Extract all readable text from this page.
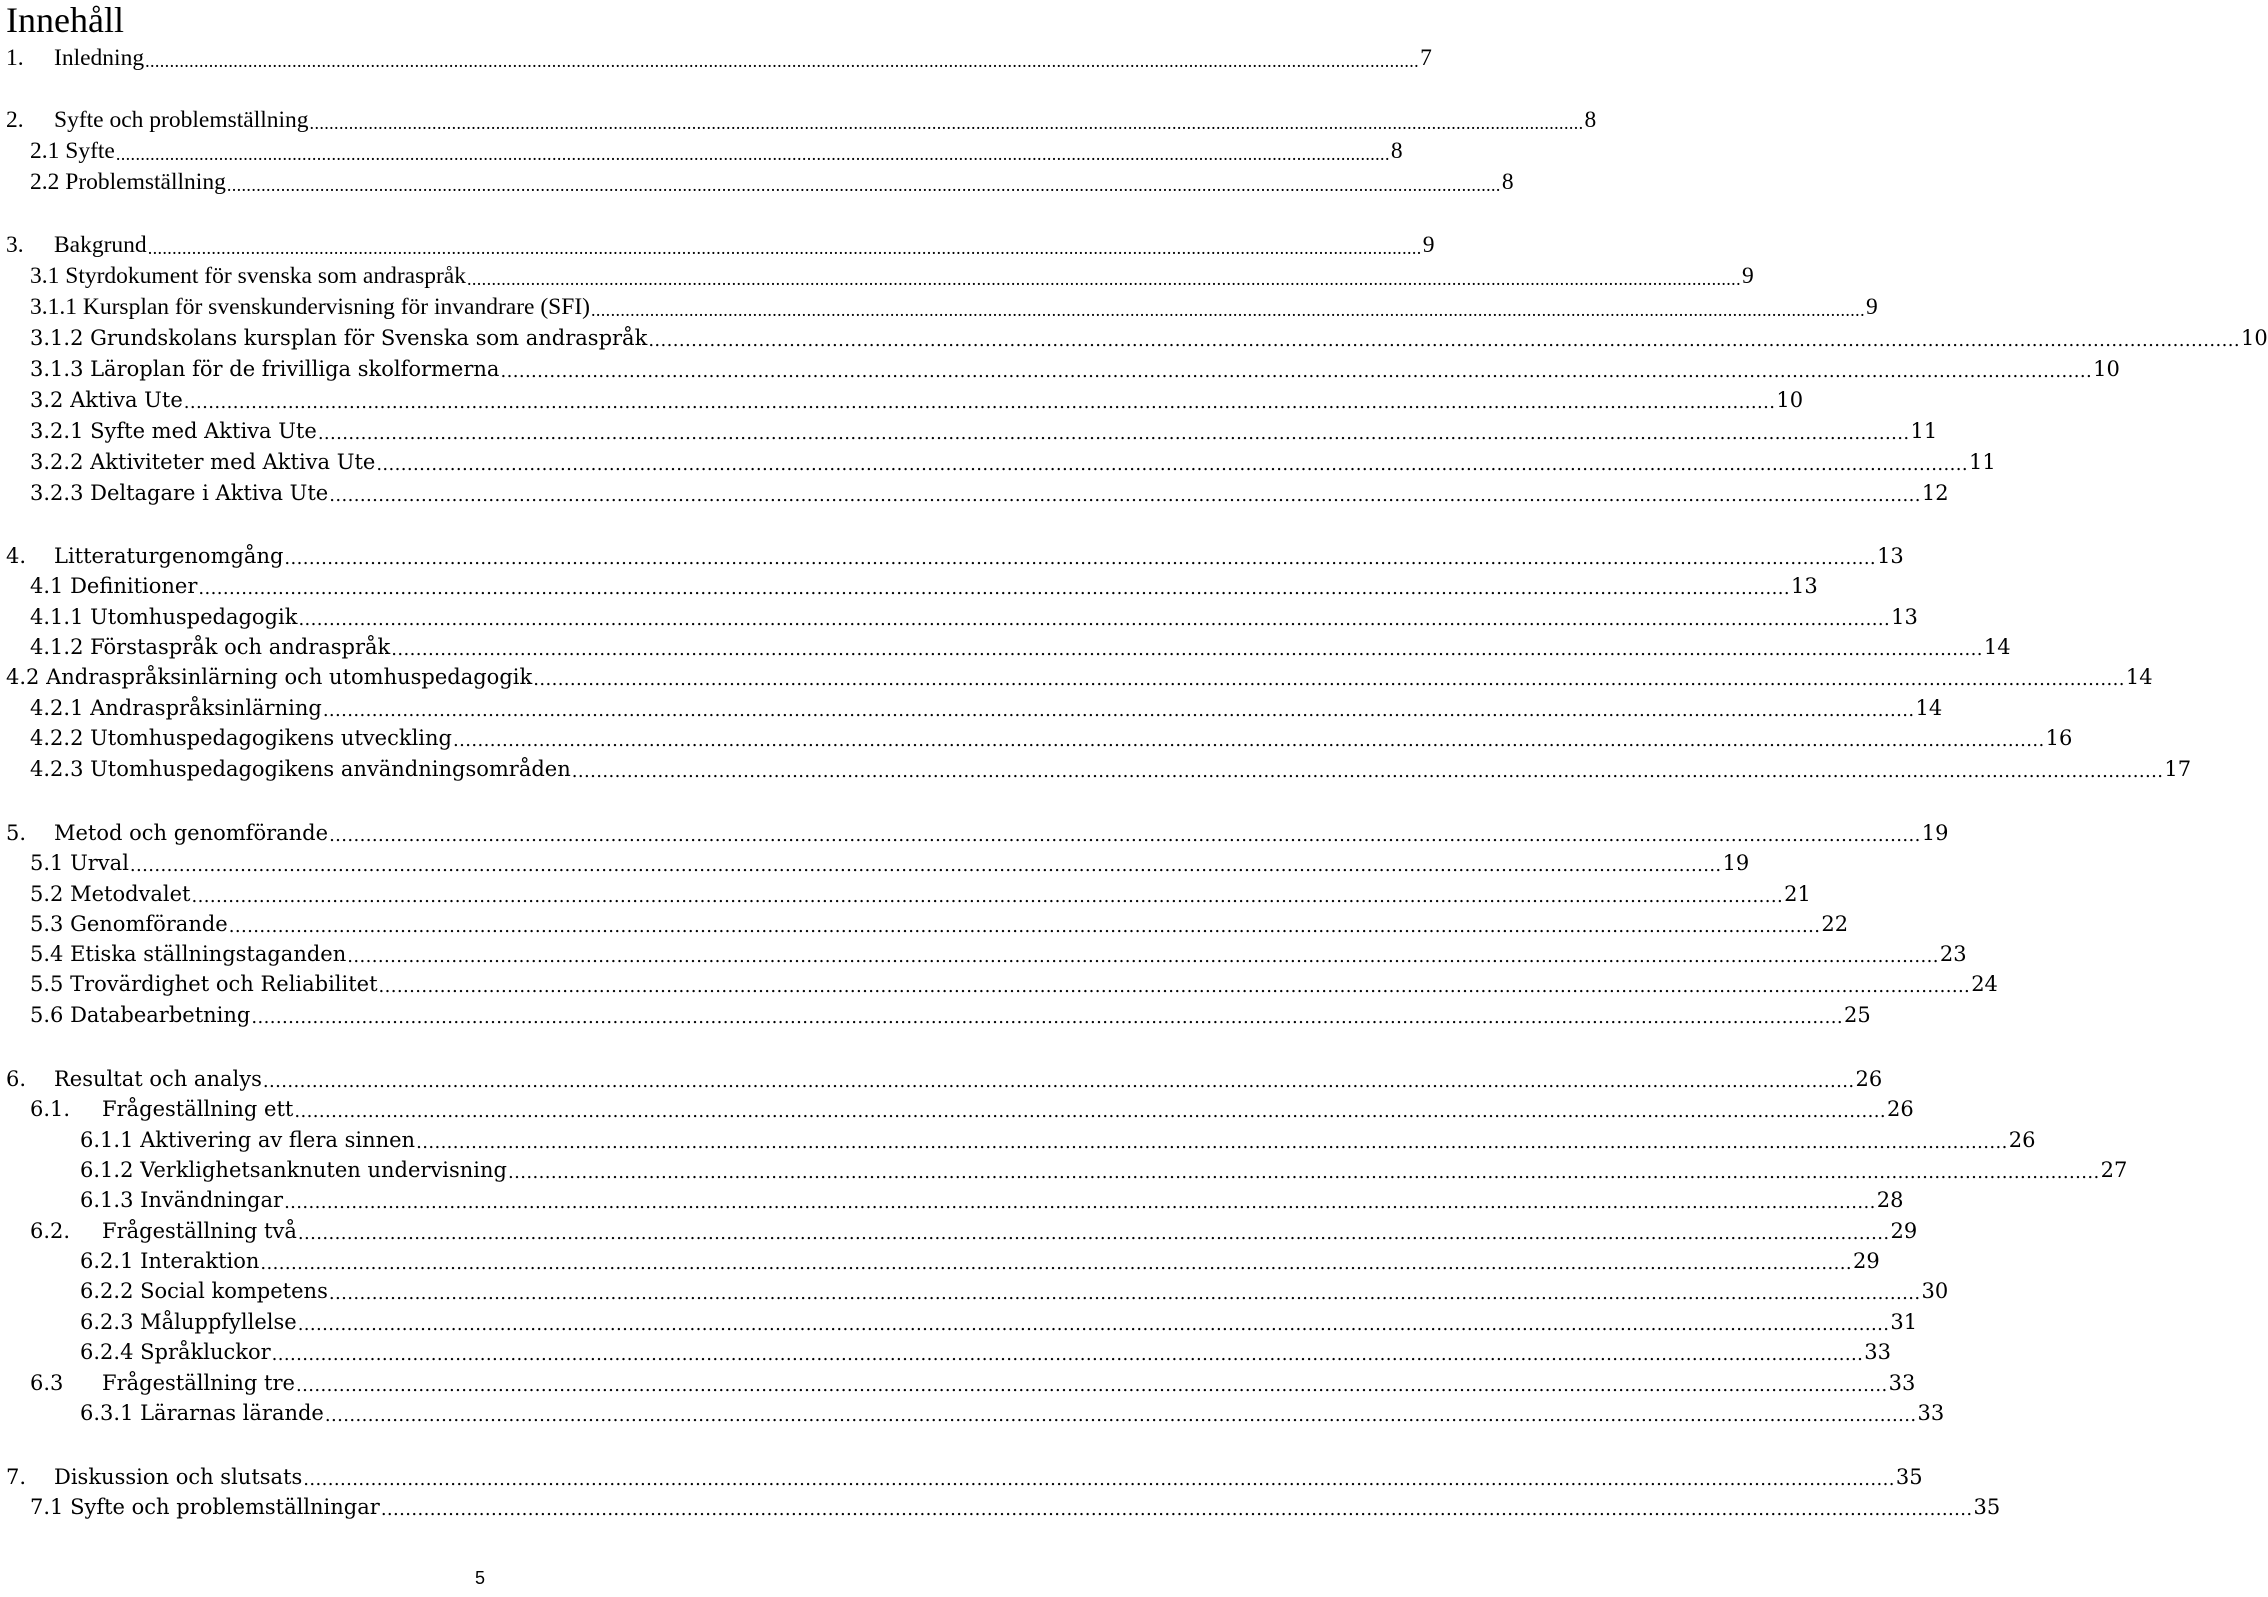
Innehåll
1.	Inledning .................................................................................................................................................................................................................................................................... 7
2.	Syfte och problemställning .................................................................................................................................................................................................................................................................... 8
2.1 Syfte .................................................................................................................................................................................................................................................................... 8
2.2 Problemställning .................................................................................................................................................................................................................................................................... 8
3.	Bakgrund .................................................................................................................................................................................................................................................................... 9
3.1 Styrdokument för svenska som andraspråk .................................................................................................................................................................................................................................................................... 9
3.1.1 Kursplan för svenskundervisning för invandrare (SFI) .................................................................................................................................................................................................................................................................... 9
3.1.2 Grundskolans kursplan för Svenska som andraspråk .................................................................................................................................................................................................................................................................... 10
3.1.3 Läroplan för de frivilliga skolformerna .................................................................................................................................................................................................................................................................... 10
3.2 Aktiva Ute .................................................................................................................................................................................................................................................................... 10
3.2.1 Syfte med Aktiva Ute .................................................................................................................................................................................................................................................................... 11
3.2.2 Aktiviteter med Aktiva Ute .................................................................................................................................................................................................................................................................... 11
3.2.3 Deltagare i Aktiva Ute .................................................................................................................................................................................................................................................................... 12
4.	Litteraturgenomgång .................................................................................................................................................................................................................................................................... 13
4.1 Definitioner .................................................................................................................................................................................................................................................................... 13
4.1.1 Utomhuspedagogik .................................................................................................................................................................................................................................................................... 13
4.1.2 Förstaspråk och andraspråk .................................................................................................................................................................................................................................................................... 14
4.2 Andraspråksinlärning och utomhuspedagogik .................................................................................................................................................................................................................................................................... 14
4.2.1 Andraspråksinlärning .................................................................................................................................................................................................................................................................... 14
4.2.2 Utomhuspedagogikens utveckling .................................................................................................................................................................................................................................................................... 16
4.2.3 Utomhuspedagogikens användningsområden .................................................................................................................................................................................................................................................................... 17
5.	Metod och genomförande .................................................................................................................................................................................................................................................................... 19
5.1 Urval .................................................................................................................................................................................................................................................................... 19
5.2 Metodvalet .................................................................................................................................................................................................................................................................... 21
5.3 Genomförande .................................................................................................................................................................................................................................................................... 22
5.4 Etiska ställningstaganden .................................................................................................................................................................................................................................................................... 23
5.5 Trovärdighet och Reliabilitet .................................................................................................................................................................................................................................................................... 24
5.6 Databearbetning .................................................................................................................................................................................................................................................................... 25
6.	Resultat och analys .................................................................................................................................................................................................................................................................... 26
6.1.	Frågeställning ett .................................................................................................................................................................................................................................................................... 26
6.1.1 Aktivering av flera sinnen .................................................................................................................................................................................................................................................................... 26
6.1.2 Verklighetsanknuten undervisning .................................................................................................................................................................................................................................................................... 27
6.1.3 Invändningar .................................................................................................................................................................................................................................................................... 28
6.2.	Frågeställning två .................................................................................................................................................................................................................................................................... 29
6.2.1 Interaktion .................................................................................................................................................................................................................................................................... 29
6.2.2 Social kompetens .................................................................................................................................................................................................................................................................... 30
6.2.3 Måluppfyllelse .................................................................................................................................................................................................................................................................... 31
6.2.4 Språkluckor .................................................................................................................................................................................................................................................................... 33
6.3	Frågeställning tre .................................................................................................................................................................................................................................................................... 33
6.3.1 Lärarnas lärande .................................................................................................................................................................................................................................................................... 33
7.	Diskussion och slutsats .................................................................................................................................................................................................................................................................... 35
7.1 Syfte och problemställningar .................................................................................................................................................................................................................................................................... 35
5
